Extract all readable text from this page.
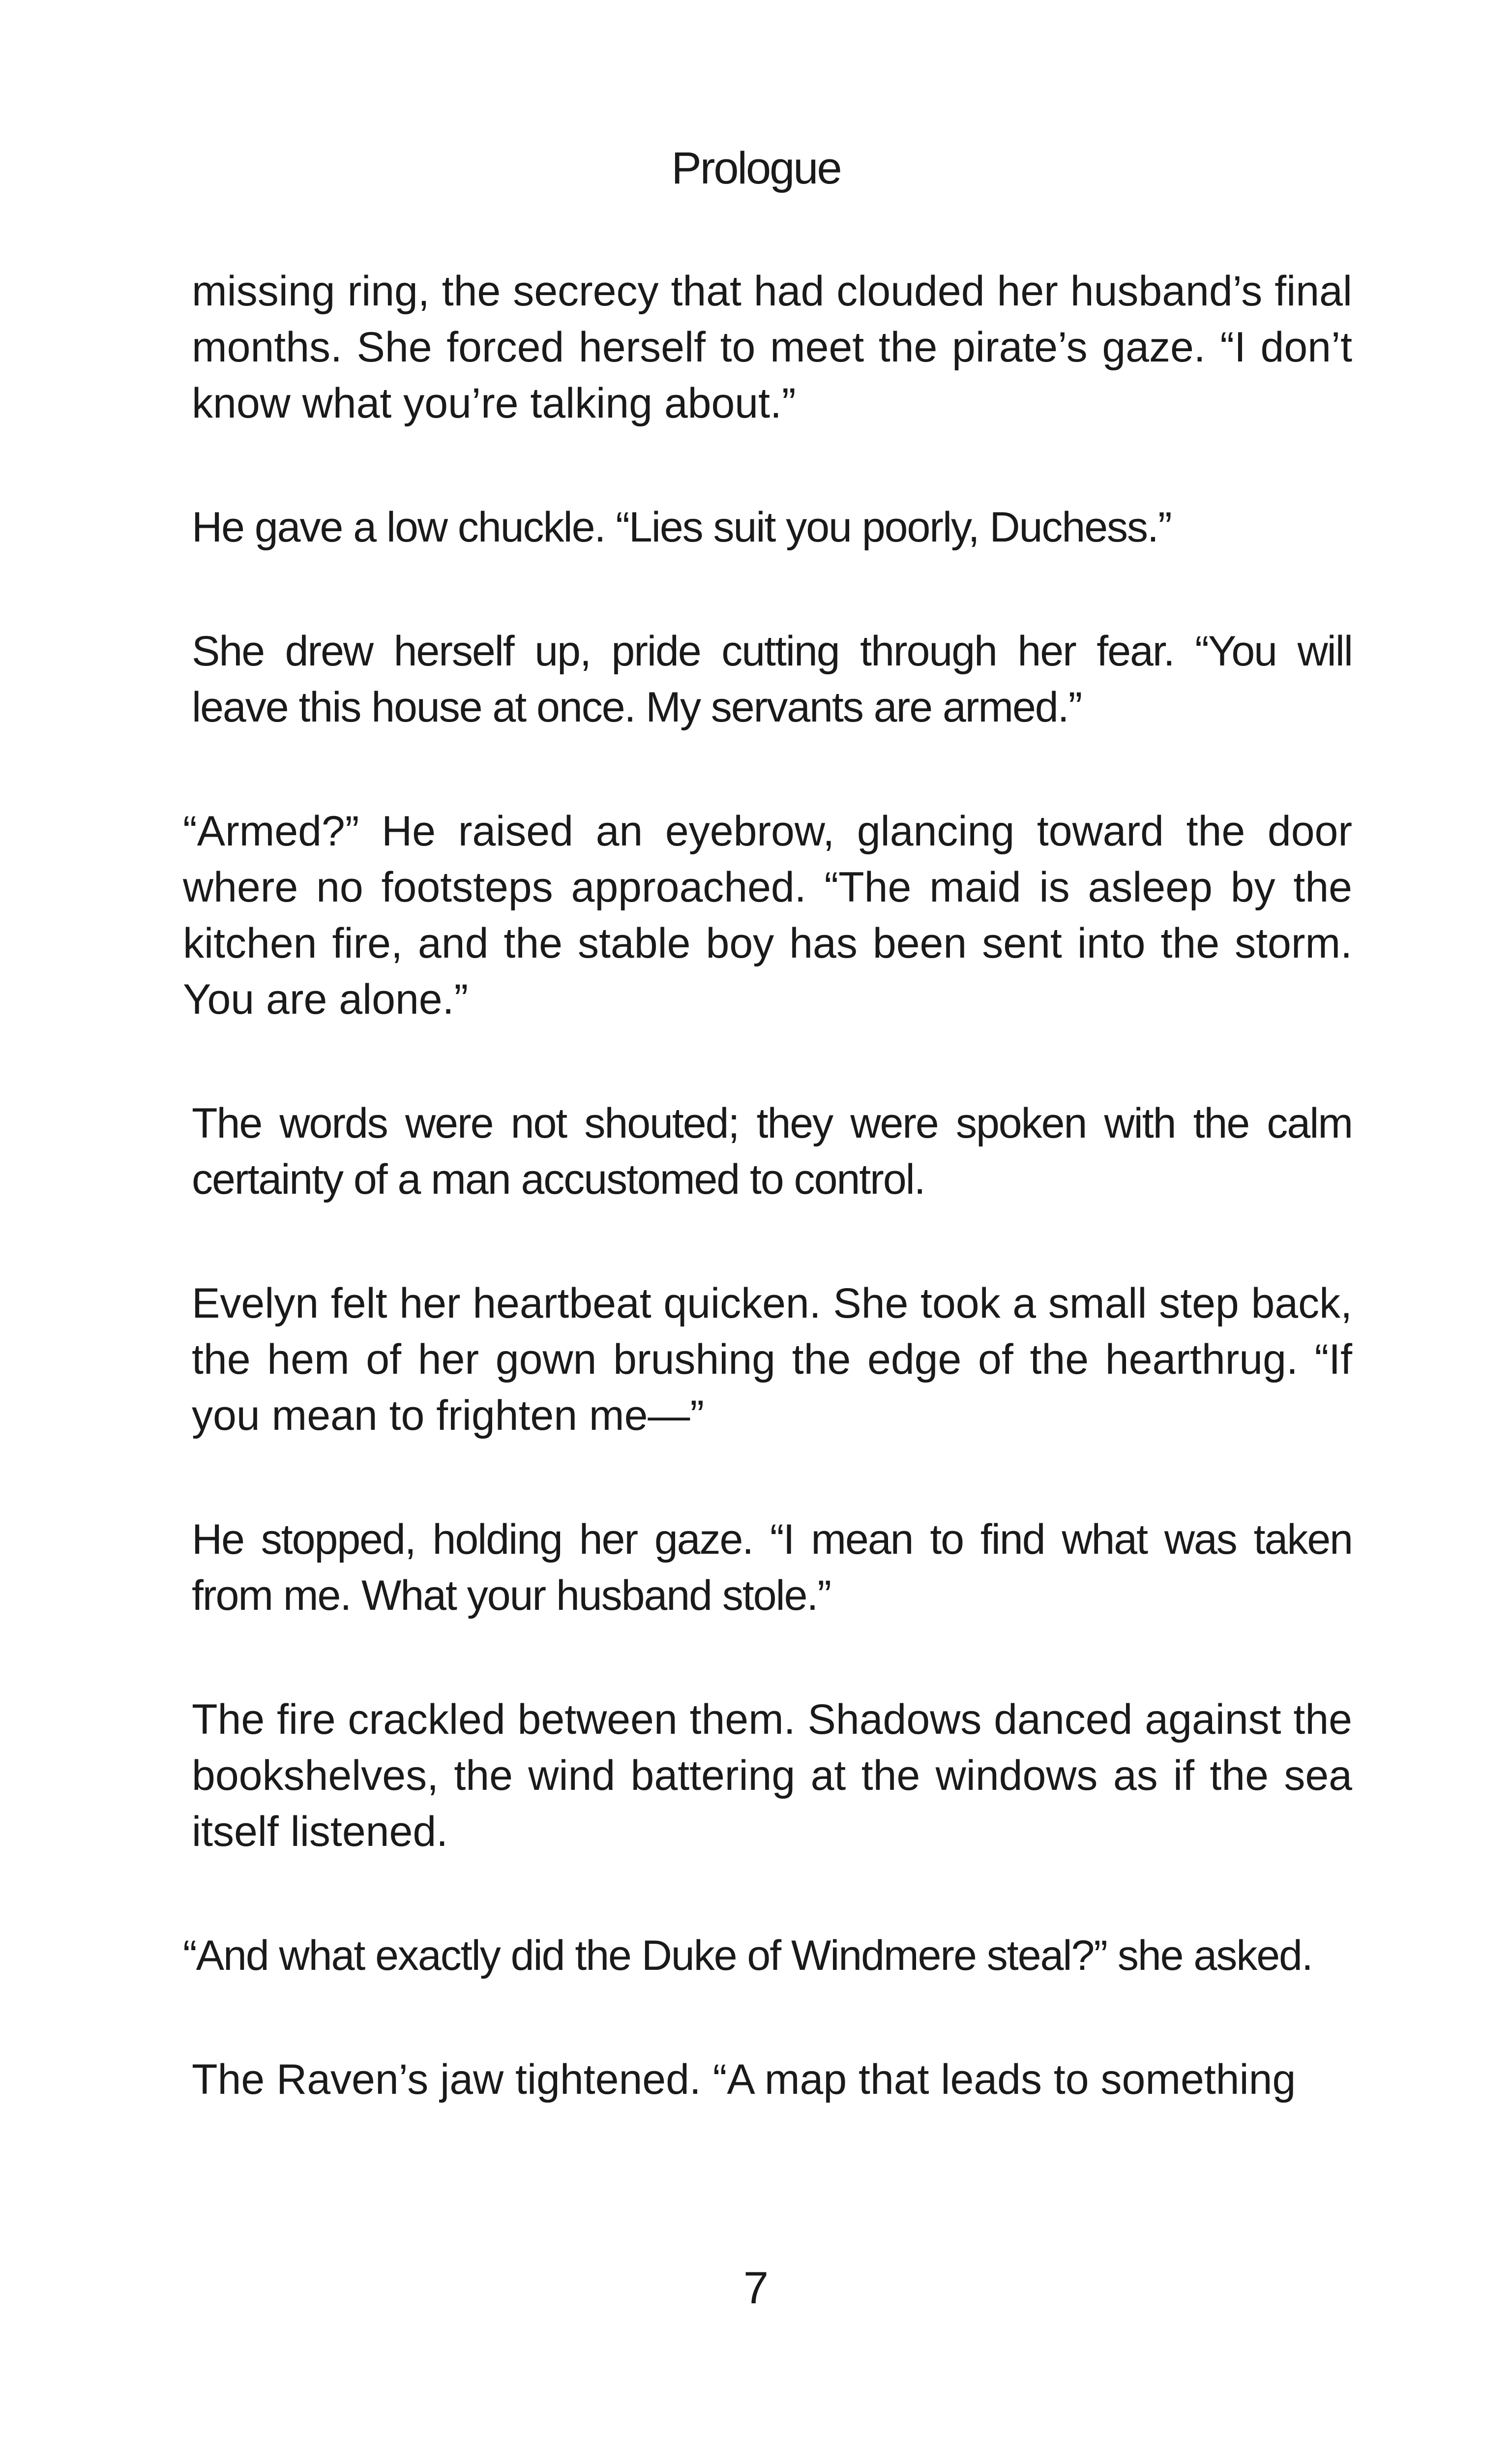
Prologue

missing ring, the secrecy that had clouded her husband’s final months. She forced herself to meet the pirate’s gaze. “I don’t know what you’re talking about.”

He gave a low chuckle. “Lies suit you poorly, Duchess.”

She drew herself up, pride cutting through her fear. “You will leave this house at once. My servants are armed.”

“Armed?” He raised an eyebrow, glancing toward the door where no footsteps approached. “The maid is asleep by the kitchen fire, and the stable boy has been sent into the storm. You are alone.”

The words were not shouted; they were spoken with the calm certainty of a man accustomed to control.

Evelyn felt her heartbeat quicken. She took a small step back, the hem of her gown brushing the edge of the hearthrug. “If you mean to frighten me—”

He stopped, holding her gaze. “I mean to find what was taken from me. What your husband stole.”

The fire crackled between them. Shadows danced against the bookshelves, the wind battering at the windows as if the sea itself listened.

“And what exactly did the Duke of Windmere steal?” she asked.

The Raven’s jaw tightened. “A map that leads to something

7
